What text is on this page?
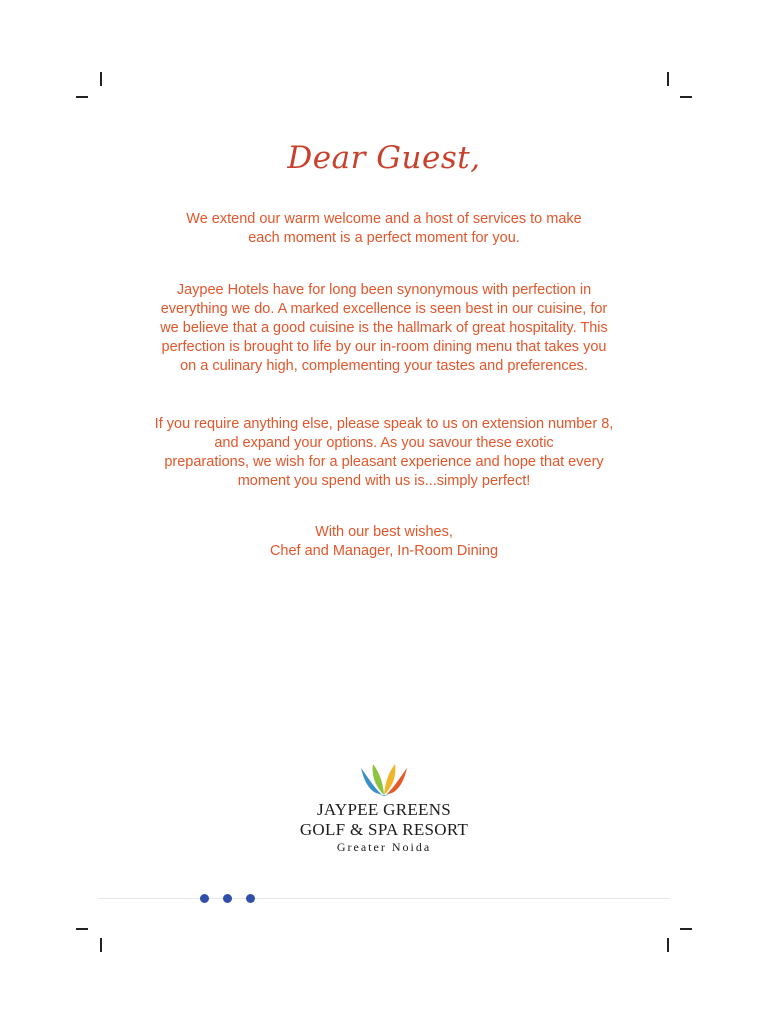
Dear Guest,
We extend our warm welcome and a host of services to make
each moment is a perfect moment for you.
Jaypee Hotels have for long been synonymous with perfection in
everything we do. A marked excellence is seen best in our cuisine, for
we believe that a good cuisine is the hallmark of great hospitality. This
perfection is brought to life by our in-room dining menu that takes you
on a culinary high, complementing your tastes and preferences.
If you require anything else, please speak to us on extension number 8,
and expand your options. As you savour these exotic
preparations, we wish for a pleasant experience and hope that every
moment you spend with us is...simply perfect!
With our best wishes,
Chef and Manager, In-Room Dining
JAYPEE GREENS
GOLF & SPA RESORT
Greater Noida
